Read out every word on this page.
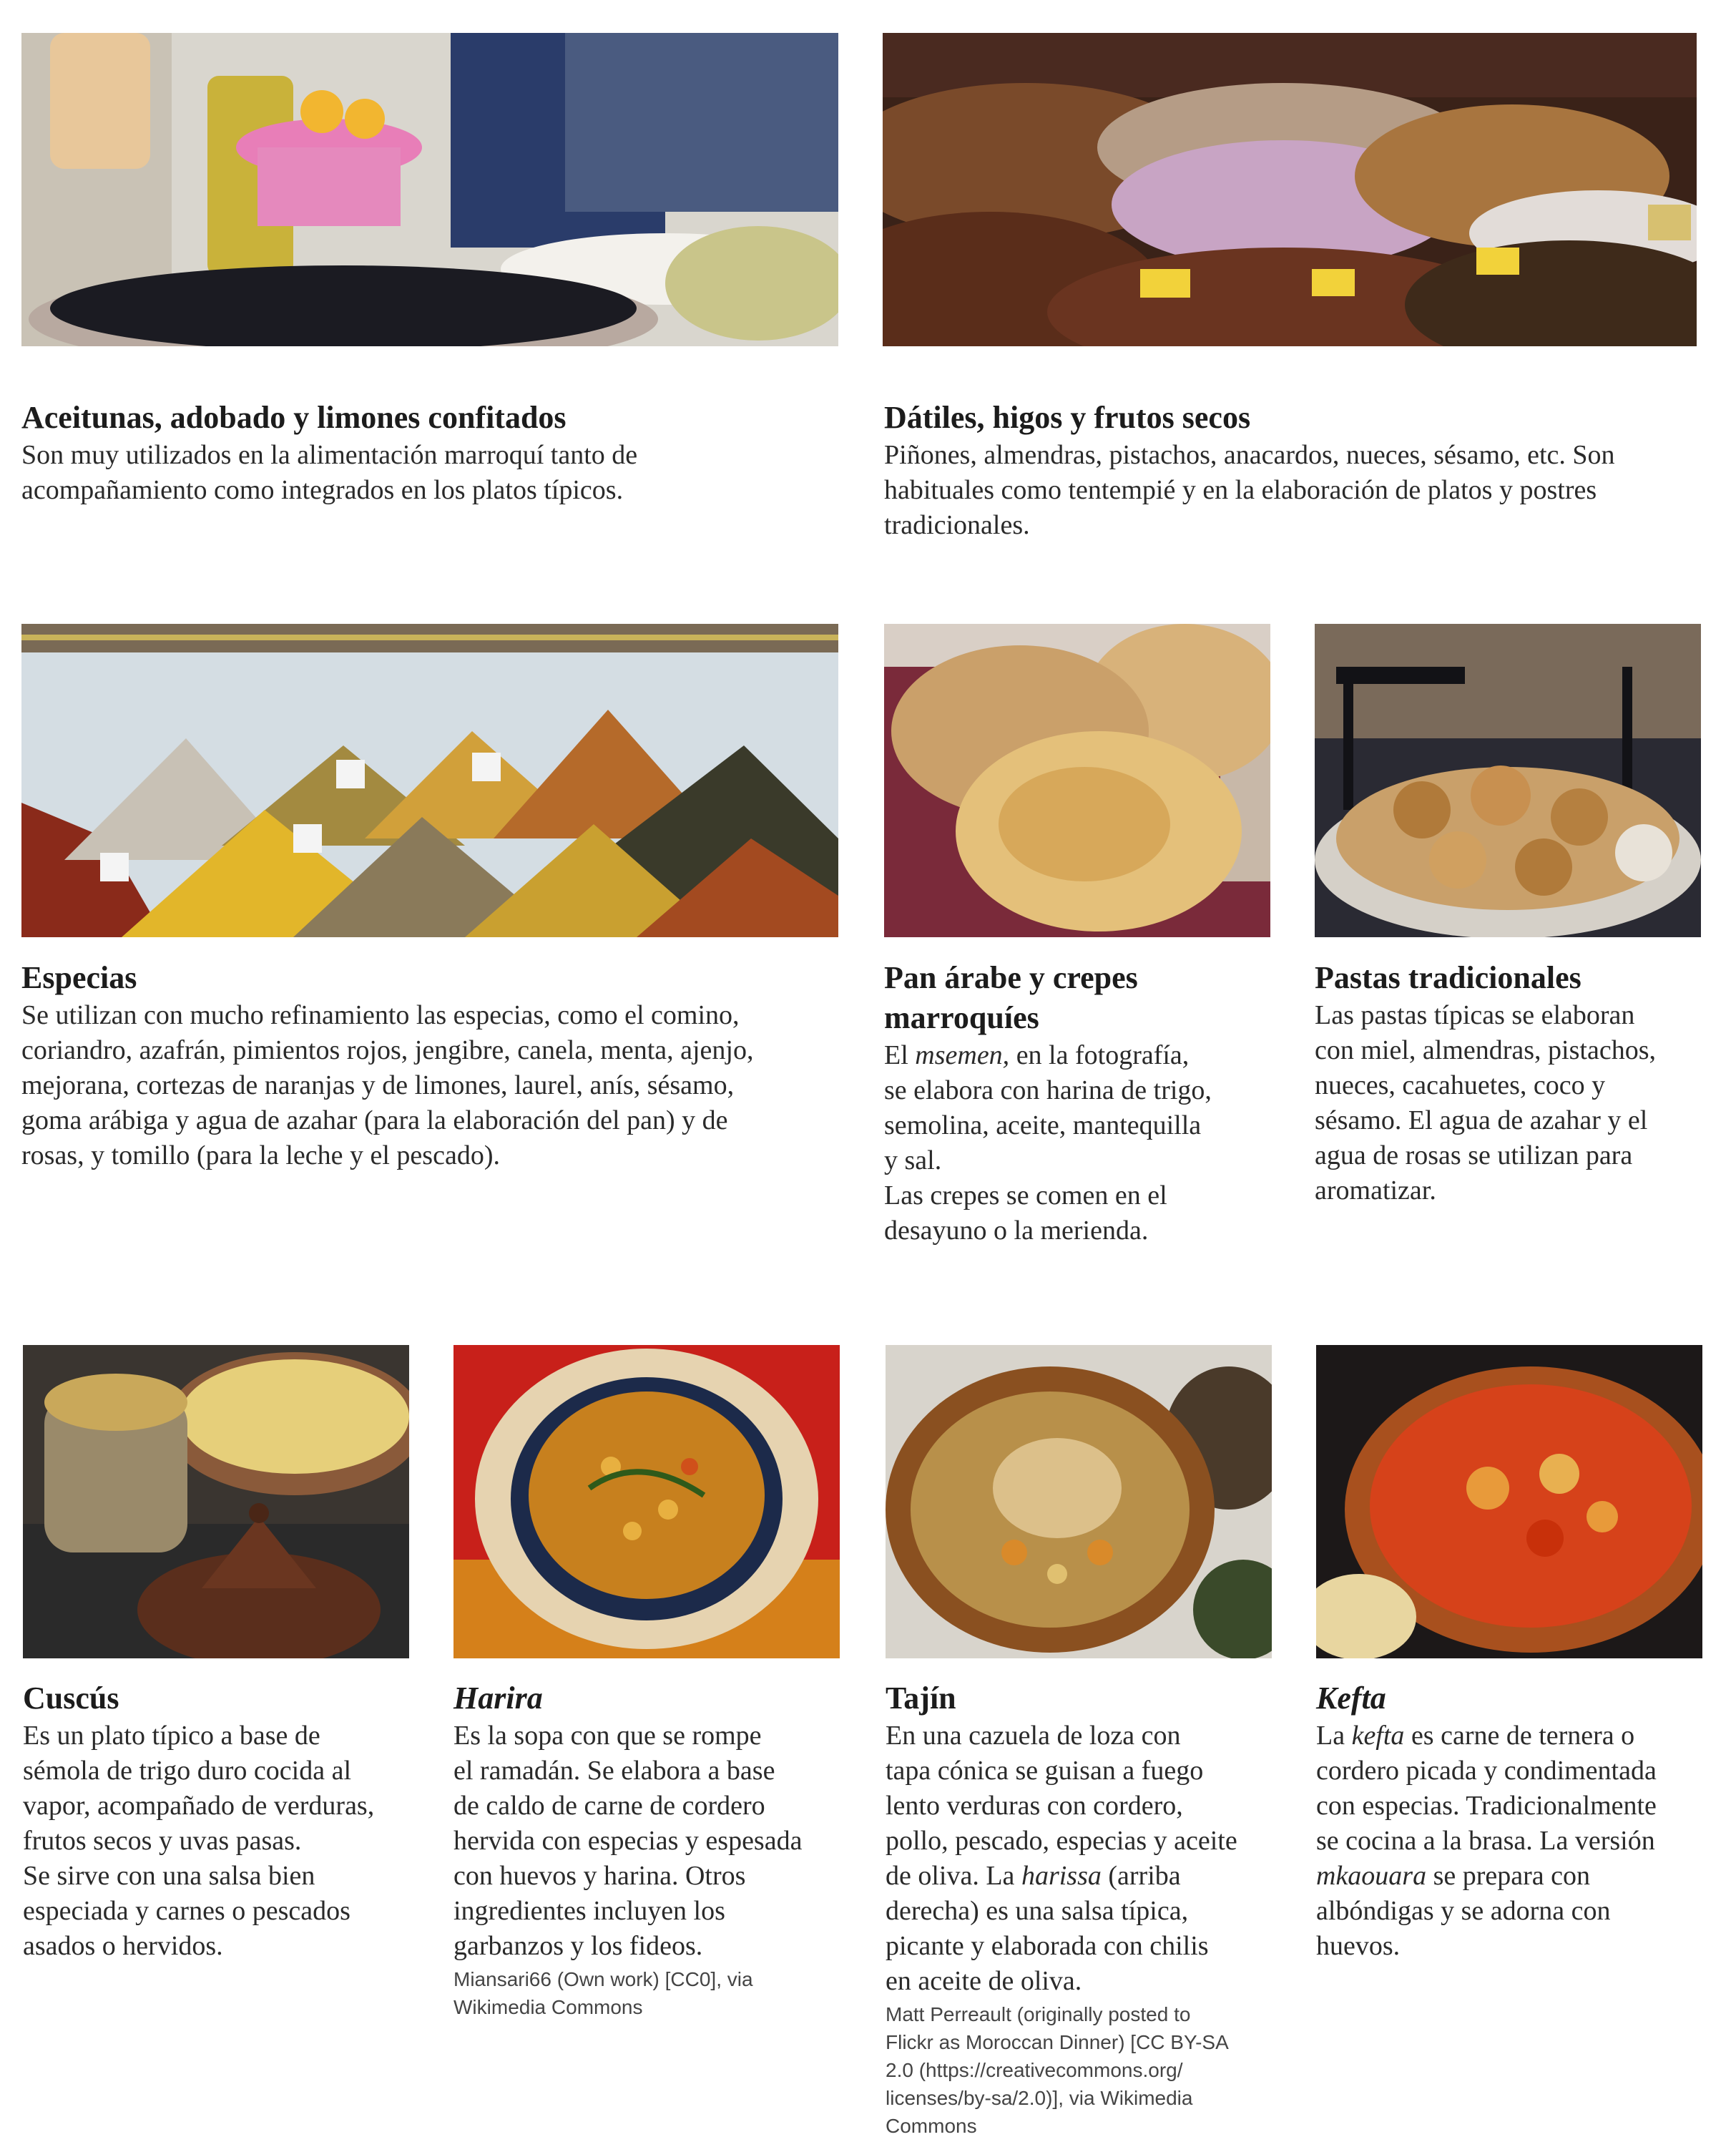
Aceitunas, adobado y limones confitados

Son muy utilizados en la alimentación marroquí tanto de

acompañamiento como integrados en los platos típicos.

Dátiles, higos y frutos secos

Piñones, almendras, pistachos, anacardos, nueces, sésamo, etc. Son

habituales como tentempié y en la elaboración de platos y postres

tradicionales.

Especias

Se utilizan con mucho refinamiento las especias, como el comino,

coriandro, azafrán, pimientos rojos, jengibre, canela, menta, ajenjo,

mejorana, cortezas de naranjas y de limones, laurel, anís, sésamo,

goma arábiga y agua de azahar (para la elaboración del pan) y de

rosas, y tomillo (para la leche y el pescado).

Pan árabe y crepes
marroquíes

El msemen, en la fotografía,

se elabora con harina de trigo,

semolina, aceite, mantequilla

y sal.

Las crepes se comen en el

desayuno o la merienda.

Pastas tradicionales

Las pastas típicas se elaboran

con miel, almendras, pistachos,

nueces, cacahuetes, coco y

sésamo. El agua de azahar y el

agua de rosas se utilizan para

aromatizar.

Cuscús

Es un plato típico a base de

sémola de trigo duro cocida al

vapor, acompañado de verduras,

frutos secos y uvas pasas.

Se sirve con una salsa bien

especiada y carnes o pescados

asados o hervidos.

Harira

Es la sopa con que se rompe

el ramadán. Se elabora a base

de caldo de carne de cordero

hervida con especias y espesada

con huevos y harina. Otros

ingredientes incluyen los

garbanzos y los fideos.

Miansari66 (Own work) [CC0], via
Wikimedia Commons
Tajín

En una cazuela de loza con

tapa cónica se guisan a fuego

lento verduras con cordero,

pollo, pescado, especias y aceite

de oliva. La harissa (arriba

derecha) es una salsa típica,

picante y elaborada con chilis

en aceite de oliva.

Matt Perreault (originally posted to
Flickr as Moroccan Dinner) [CC BY-SA
2.0 (https://creativecommons.org/
licenses/by-sa/2.0)], via Wikimedia
Commons
Kefta

La kefta es carne de ternera o

cordero picada y condimentada

con especias. Tradicionalmente

se cocina a la brasa. La versión

mkaouara se prepara con

albóndigas y se adorna con

huevos.
